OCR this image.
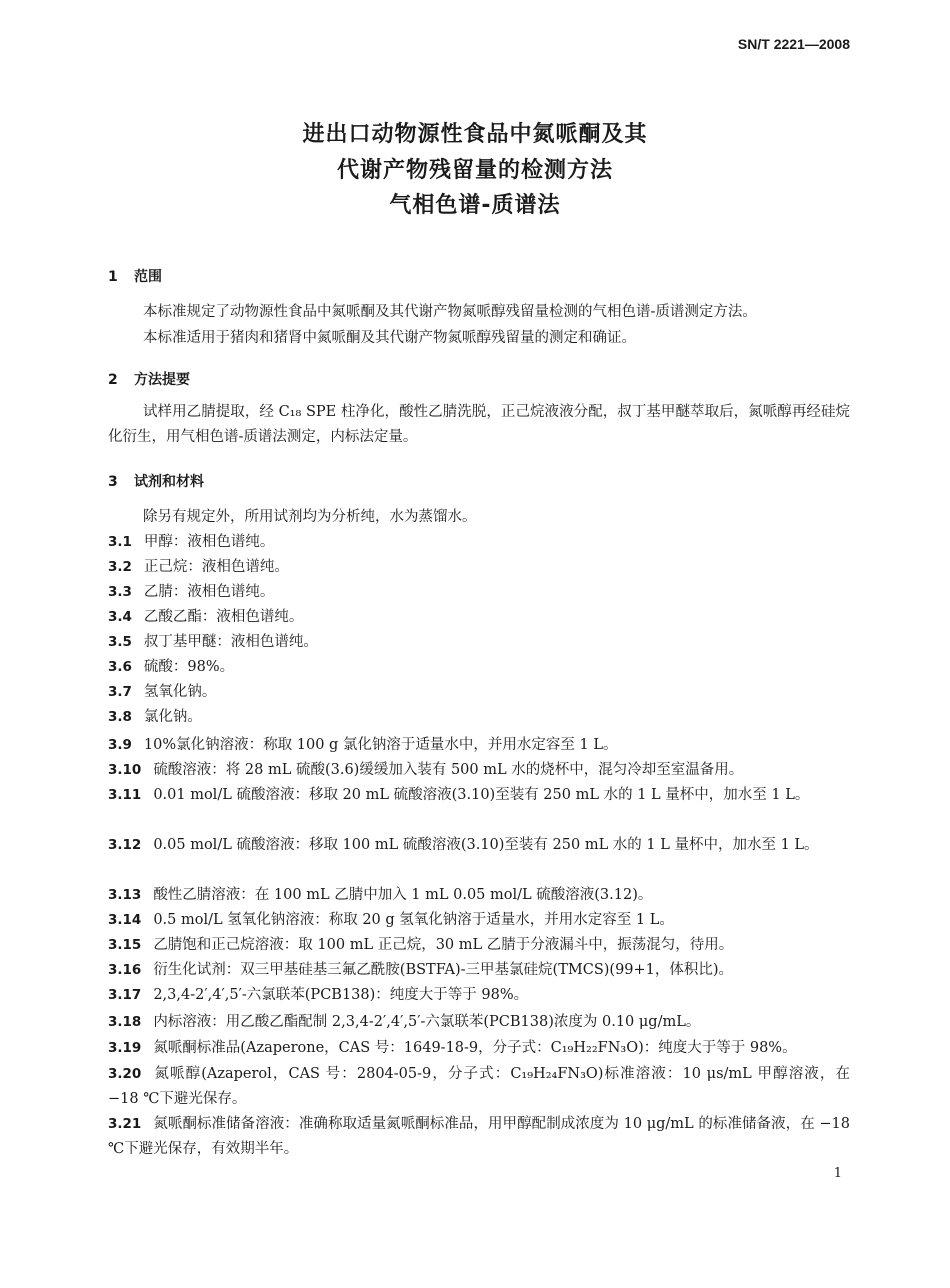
SN/T 2221—2008
进出口动物源性食品中氮哌酮及其
代谢产物残留量的检测方法
气相色谱-质谱法
1 范围
本标准规定了动物源性食品中氮哌酮及其代谢产物氮哌醇残留量检测的气相色谱-质谱测定方法。
本标准适用于猪肉和猪肾中氮哌酮及其代谢产物氮哌醇残留量的测定和确证。
2 方法提要
试样用乙腈提取，经 C₁₈ SPE 柱净化，酸性乙腈洗脱，正己烷液液分配，叔丁基甲醚萃取后，氮哌醇再经硅烷化衍生，用气相色谱-质谱法测定，内标法定量。
3 试剂和材料
除另有规定外，所用试剂均为分析纯，水为蒸馏水。
3.1 甲醇：液相色谱纯。
3.2 正己烷：液相色谱纯。
3.3 乙腈：液相色谱纯。
3.4 乙酸乙酯：液相色谱纯。
3.5 叔丁基甲醚：液相色谱纯。
3.6 硫酸：98%。
3.7 氢氧化钠。
3.8 氯化钠。
3.9 10%氯化钠溶液：称取 100 g 氯化钠溶于适量水中，并用水定容至 1 L。
3.10 硫酸溶液：将 28 mL 硫酸(3.6)缓缓加入装有 500 mL 水的烧杯中，混匀冷却至室温备用。
3.11 0.01 mol/L 硫酸溶液：移取 20 mL 硫酸溶液(3.10)至装有 250 mL 水的 1 L 量杯中，加水至 1 L。
3.12 0.05 mol/L 硫酸溶液：移取 100 mL 硫酸溶液(3.10)至装有 250 mL 水的 1 L 量杯中，加水至 1 L。
3.13 酸性乙腈溶液：在 100 mL 乙腈中加入 1 mL 0.05 mol/L 硫酸溶液(3.12)。
3.14 0.5 mol/L 氢氧化钠溶液：称取 20 g 氢氧化钠溶于适量水，并用水定容至 1 L。
3.15 乙腈饱和正己烷溶液：取 100 mL 正己烷，30 mL 乙腈于分液漏斗中，振荡混匀，待用。
3.16 衍生化试剂：双三甲基硅基三氟乙酰胺(BSTFA)-三甲基氯硅烷(TMCS)(99+1，体积比)。
3.17 2,3,4-2′,4′,5′-六氯联苯(PCB138)：纯度大于等于 98%。
3.18 内标溶液：用乙酸乙酯配制 2,3,4-2′,4′,5′-六氯联苯(PCB138)浓度为 0.10 μg/mL。
3.19 氮哌酮标准品(Azaperone，CAS 号：1649-18-9，分子式：C₁₉H₂₂FN₃O)：纯度大于等于 98%。
3.20 氮哌醇(Azaperol，CAS 号：2804-05-9，分子式：C₁₉H₂₄FN₃O)标准溶液：10 μs/mL 甲醇溶液，在 −18 ℃下避光保存。
3.21 氮哌酮标准储备溶液：准确称取适量氮哌酮标准品，用甲醇配制成浓度为 10 μg/mL 的标准储备液，在 −18 ℃下避光保存，有效期半年。
1
